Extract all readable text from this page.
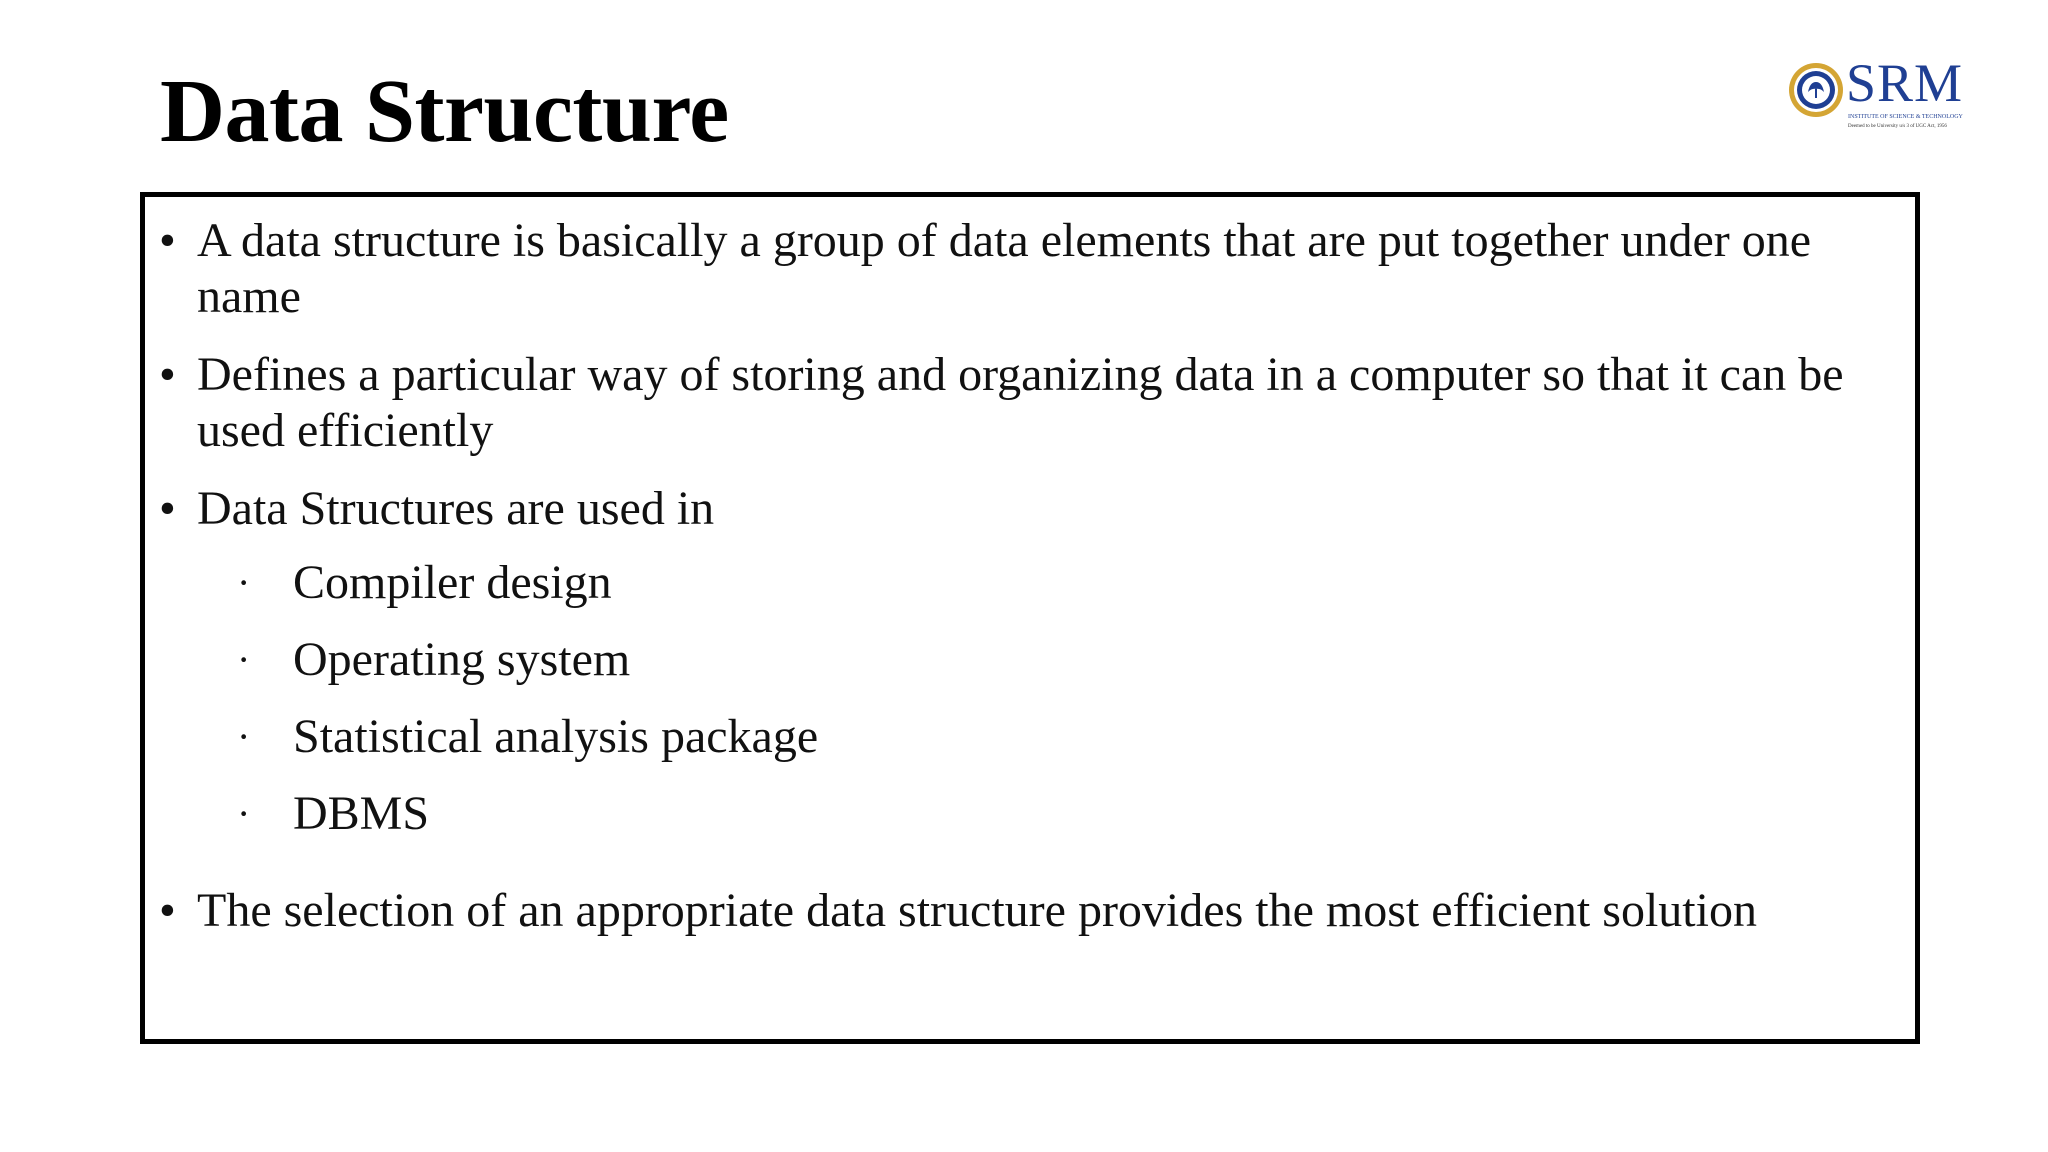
Data Structure	SRM
INSTITUTE OF SCIENCE & TECHNOLOGY
Deemed to be University u/s 3 of UGC Act, 1956
• A data structure is basically a group of data elements that are put together under one name
• Defines a particular way of storing and organizing data in a computer so that it can be used efficiently
• Data Structures are used in
· Compiler design
· Operating system
· Statistical analysis package
· DBMS
• The selection of an appropriate data structure provides the most efficient solution
